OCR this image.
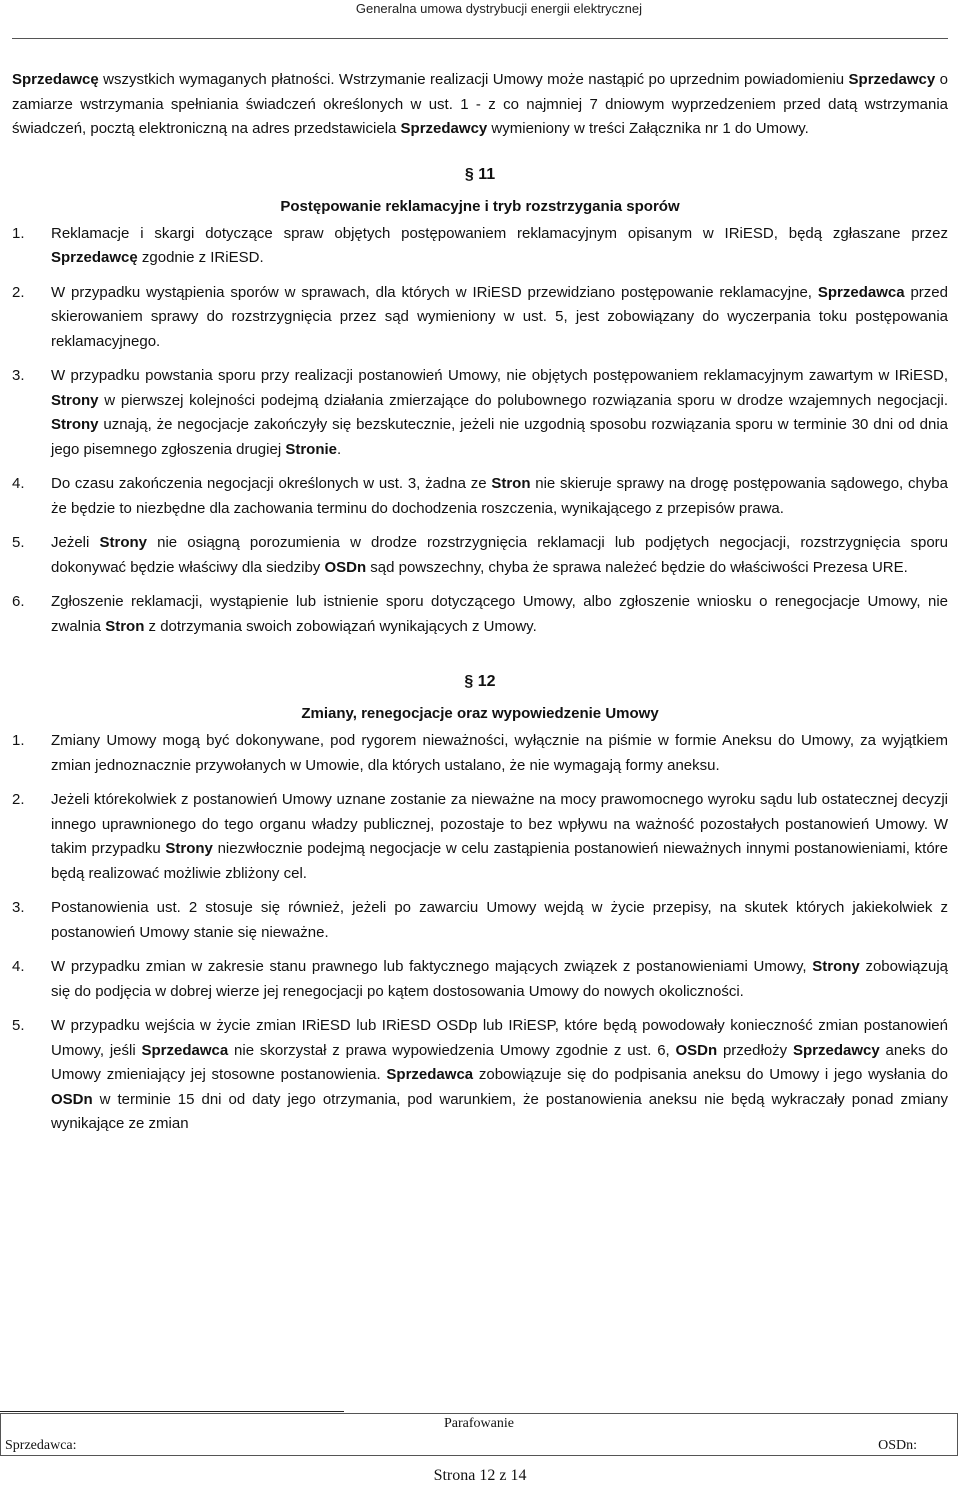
Generalna umowa dystrybucji energii elektrycznej

Sprzedawcę wszystkich wymaganych płatności. Wstrzymanie realizacji Umowy może nastąpić po uprzednim powiadomieniu Sprzedawcy o zamiarze wstrzymania spełniania świadczeń określonych w ust. 1 - z co najmniej 7 dniowym wyprzedzeniem przed datą wstrzymania świadczeń, pocztą elektroniczną na adres przedstawiciela Sprzedawcy wymieniony w treści Załącznika nr 1 do Umowy.

§ 11
Postępowanie reklamacyjne i tryb rozstrzygania sporów
1.	Reklamacje i skargi dotyczące spraw objętych postępowaniem reklamacyjnym opisanym w IRiESD, będą zgłaszane przez Sprzedawcę zgodnie z IRiESD.
2.	W przypadku wystąpienia sporów w sprawach, dla których w IRiESD przewidziano postępowanie reklamacyjne, Sprzedawca przed skierowaniem sprawy do rozstrzygnięcia przez sąd wymieniony w ust. 5, jest zobowiązany do wyczerpania toku postępowania reklamacyjnego.
3.	W przypadku powstania sporu przy realizacji postanowień Umowy, nie objętych postępowaniem reklamacyjnym zawartym w IRiESD, Strony w pierwszej kolejności podejmą działania zmierzające do polubownego rozwiązania sporu w drodze wzajemnych negocjacji. Strony uznają, że negocjacje zakończyły się bezskutecznie, jeżeli nie uzgodnią sposobu rozwiązania sporu w terminie 30 dni od dnia jego pisemnego zgłoszenia drugiej Stronie.
4.	Do czasu zakończenia negocjacji określonych w ust. 3, żadna ze Stron nie skieruje sprawy na drogę postępowania sądowego, chyba że będzie to niezbędne dla zachowania terminu do dochodzenia roszczenia, wynikającego z przepisów prawa.
5.	Jeżeli Strony nie osiągną porozumienia w drodze rozstrzygnięcia reklamacji lub podjętych negocjacji, rozstrzygnięcia sporu dokonywać będzie właściwy dla siedziby OSDn sąd powszechny, chyba że sprawa należeć będzie do właściwości Prezesa URE.
6.	Zgłoszenie reklamacji, wystąpienie lub istnienie sporu dotyczącego Umowy, albo zgłoszenie wniosku o renegocjacje Umowy, nie zwalnia Stron z dotrzymania swoich zobowiązań wynikających z Umowy.
§ 12
Zmiany, renegocjacje oraz wypowiedzenie Umowy
1.	Zmiany Umowy mogą być dokonywane, pod rygorem nieważności, wyłącznie na piśmie w formie Aneksu do Umowy, za wyjątkiem zmian jednoznacznie przywołanych w Umowie, dla których ustalano, że nie wymagają formy aneksu.
2.	Jeżeli którekolwiek z postanowień Umowy uznane zostanie za nieważne na mocy prawomocnego wyroku sądu lub ostatecznej decyzji innego uprawnionego do tego organu władzy publicznej, pozostaje to bez wpływu na ważność pozostałych postanowień Umowy. W takim przypadku Strony niezwłocznie podejmą negocjacje w celu zastąpienia postanowień nieważnych innymi postanowieniami, które będą realizować możliwie zbliżony cel.
3.	Postanowienia ust. 2 stosuje się również, jeżeli po zawarciu Umowy wejdą w życie przepisy, na skutek których jakiekolwiek z postanowień Umowy stanie się nieważne.
4.	W przypadku zmian w zakresie stanu prawnego lub faktycznego mających związek z postanowieniami Umowy, Strony zobowiązują się do podjęcia w dobrej wierze jej renegocjacji po kątem dostosowania Umowy do nowych okoliczności.
5.	W przypadku wejścia w życie zmian IRiESD lub IRiESD OSDp lub IRiESP, które będą powodowały konieczność zmian postanowień Umowy, jeśli Sprzedawca nie skorzystał z prawa wypowiedzenia Umowy zgodnie z ust. 6, OSDn przedłoży Sprzedawcy aneks do Umowy zmieniający jej stosowne postanowienia. Sprzedawca zobowiązuje się do podpisania aneksu do Umowy i jego wysłania do OSDn w terminie 15 dni od daty jego otrzymania, pod warunkiem, że postanowienia aneksu nie będą wykraczały ponad zmiany wynikające ze zmian
Parafowanie
Sprzedawca:	OSDn:
Strona 12 z 14
